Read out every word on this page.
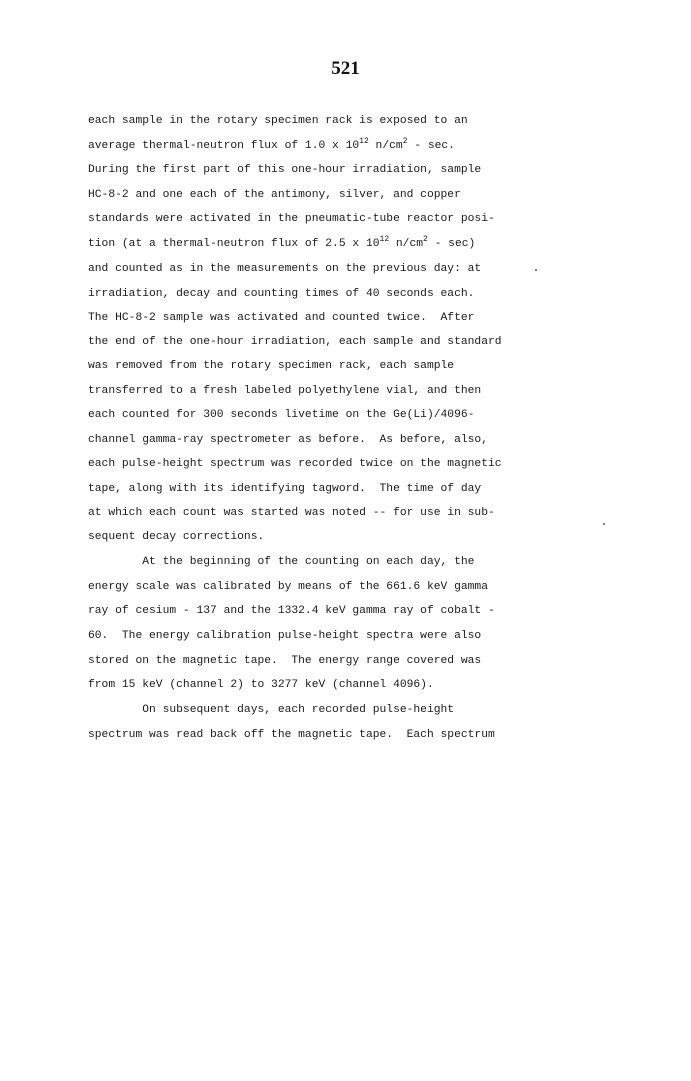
521
each sample in the rotary specimen rack is exposed to an
average thermal-neutron flux of 1.0 x $10^{12}$ $n/cm^2$ - sec.
During the first part of this one-hour irradiation, sample
HC-8-2 and one each of the antimony, silver, and copper
standards were activated in the pneumatic-tube reactor posi-
tion (at a thermal-neutron flux of 2.5 x $10^{12}$ $n/cm^2 - \sec$)
and counted as in the measurements on the previous day: at
irradiation, decay and counting times of 40 seconds each.
The HC-8-2 sample was activated and counted twice.  After
the end of the one-hour irradiation, each sample and standard
was removed from the rotary specimen rack, each sample
transferred to a fresh labeled polyethylene vial, and then
each counted for 300 seconds livetime on the Ge(Li)/4096-
channel gamma-ray spectrometer as before.  As before, also,
each pulse-height spectrum was recorded twice on the magnetic
tape, along with its identifying tagword.  The time of day
at which each count was started was noted -- for use in sub-
sequent decay corrections.
At the beginning of the counting on each day, the
energy scale was calibrated by means of the 661.6 keV gamma
ray of cesium - 137 and the 1332.4 keV gamma ray of cobalt -
60.  The energy calibration pulse-height spectra were also
stored on the magnetic tape.  The energy range covered was
from 15 keV (channel 2) to 3277 keV (channel 4096).
On subsequent days, each recorded pulse-height
spectrum was read back off the magnetic tape.  Each spectrum
